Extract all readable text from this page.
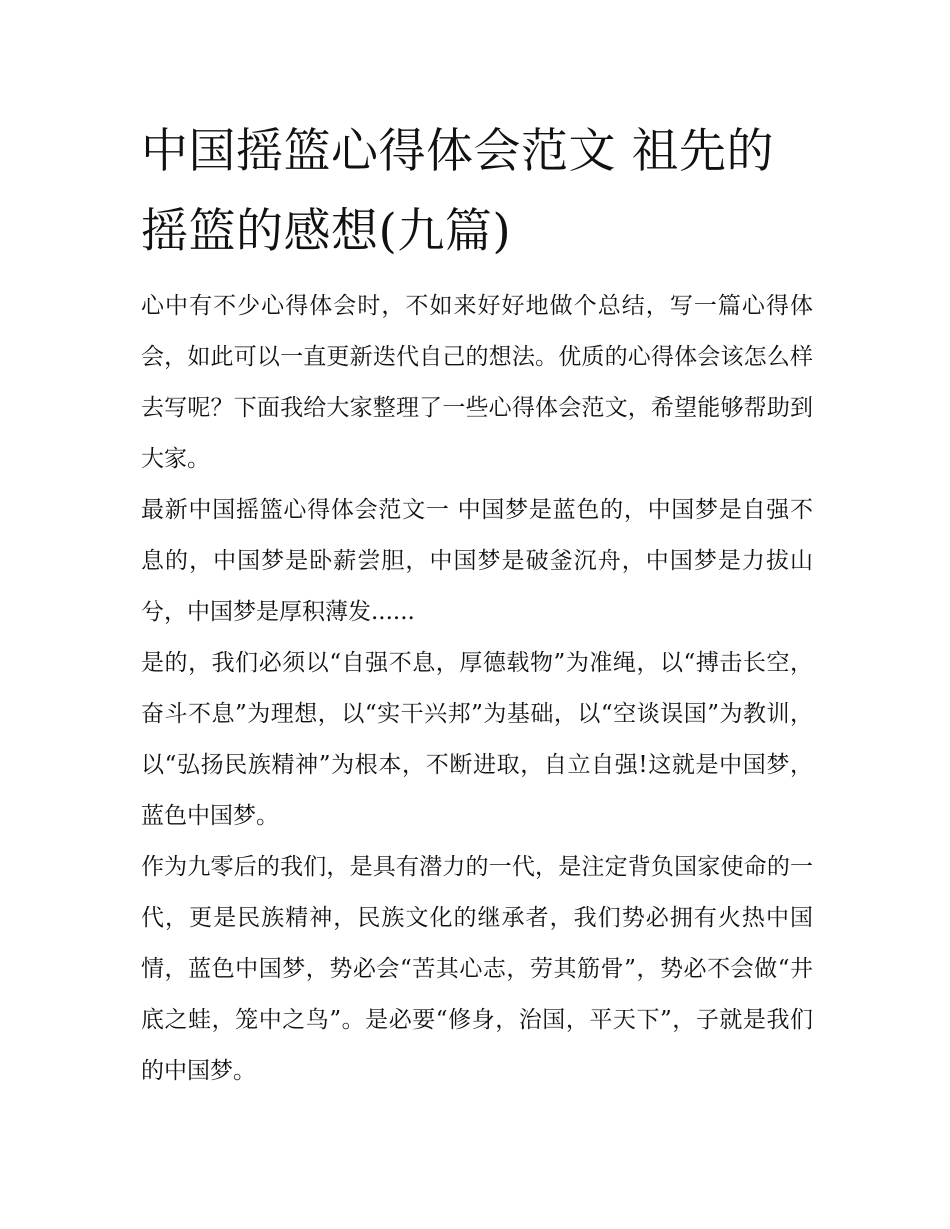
中国摇篮心得体会范文 祖先的摇篮的感想(九篇)

心中有不少心得体会时，不如来好好地做个总结，写一篇心得体会，如此可以一直更新迭代自己的想法。优质的心得体会该怎么样去写呢？下面我给大家整理了一些心得体会范文，希望能够帮助到大家。

最新中国摇篮心得体会范文一 中国梦是蓝色的，中国梦是自强不息的，中国梦是卧薪尝胆，中国梦是破釜沉舟，中国梦是力拔山兮，中国梦是厚积薄发......

是的，我们必须以“自强不息，厚德载物”为准绳，以“搏击长空，奋斗不息”为理想，以“实干兴邦”为基础，以“空谈误国”为教训，以“弘扬民族精神”为根本，不断进取，自立自强!这就是中国梦，蓝色中国梦。

作为九零后的我们，是具有潜力的一代，是注定背负国家使命的一代，更是民族精神，民族文化的继承者，我们势必拥有火热中国情，蓝色中国梦，势必会“苦其心志，劳其筋骨”，势必不会做“井底之蛙，笼中之鸟”。是必要“修身，治国，平天下”，子就是我们的中国梦。
